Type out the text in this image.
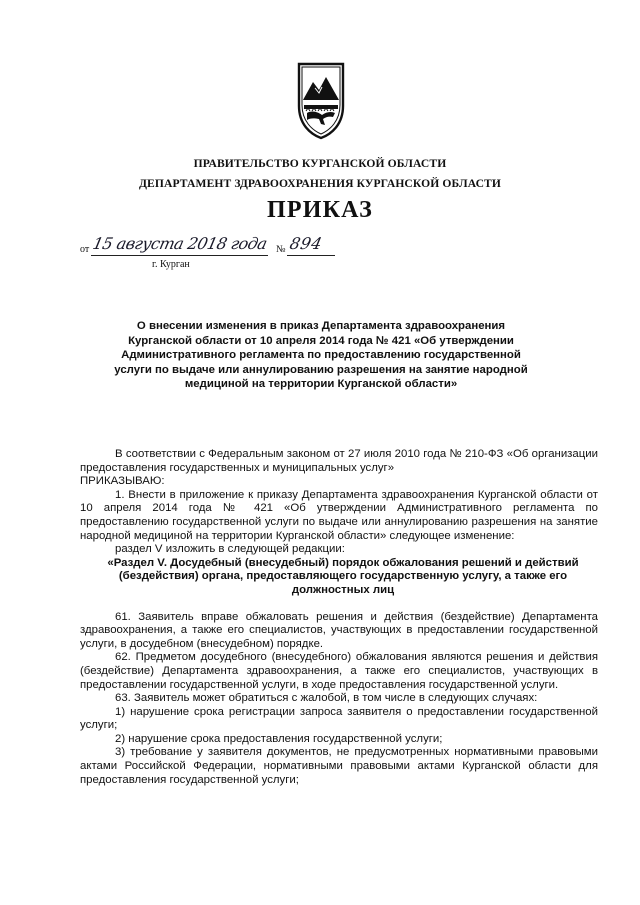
ПРАВИТЕЛЬСТВО КУРГАНСКОЙ ОБЛАСТИ
ДЕПАРТАМЕНТ ЗДРАВООХРАНЕНИЯ КУРГАНСКОЙ ОБЛАСТИ
ПРИКАЗ
от 15 августа 2018 года № 894
г. Курган
О внесении изменения в приказ Департамента здравоохранения Курганской области от 10 апреля 2014 года № 421 «Об утверждении Административного регламента по предоставлению государственной услуги по выдаче или аннулированию разрешения на занятие народной медициной на территории Курганской области»

В соответствии с Федеральным законом от 27 июля 2010 года № 210-ФЗ «Об организации предоставления государственных и муниципальных услуг»

ПРИКАЗЫВАЮ:

1. Внести в приложение к приказу Департамента здравоохранения Курганской области от 10 апреля 2014 года № 421 «Об утверждении Административного регламента по предоставлению государственной услуги по выдаче или аннулированию разрешения на занятие народной медициной на территории Курганской области» следующее изменение:

раздел V изложить в следующей редакции:

«Раздел V. Досудебный (внесудебный) порядок обжалования решений и действий (бездействия) органа, предоставляющего государственную услугу, а также его должностных лиц

61. Заявитель вправе обжаловать решения и действия (бездействие) Департамента здравоохранения, а также его специалистов, участвующих в предоставлении государственной услуги, в досудебном (внесудебном) порядке.

62. Предметом досудебного (внесудебного) обжалования являются решения и действия (бездействие) Департамента здравоохранения, а также его специалистов, участвующих в предоставлении государственной услуги, в ходе предоставления государственной услуги.

63. Заявитель может обратиться с жалобой, в том числе в следующих случаях:

1) нарушение срока регистрации запроса заявителя о предоставлении государственной услуги;

2) нарушение срока предоставления государственной услуги;

3) требование у заявителя документов, не предусмотренных нормативными правовыми актами Российской Федерации, нормативными правовыми актами Курганской области для предоставления государственной услуги;
